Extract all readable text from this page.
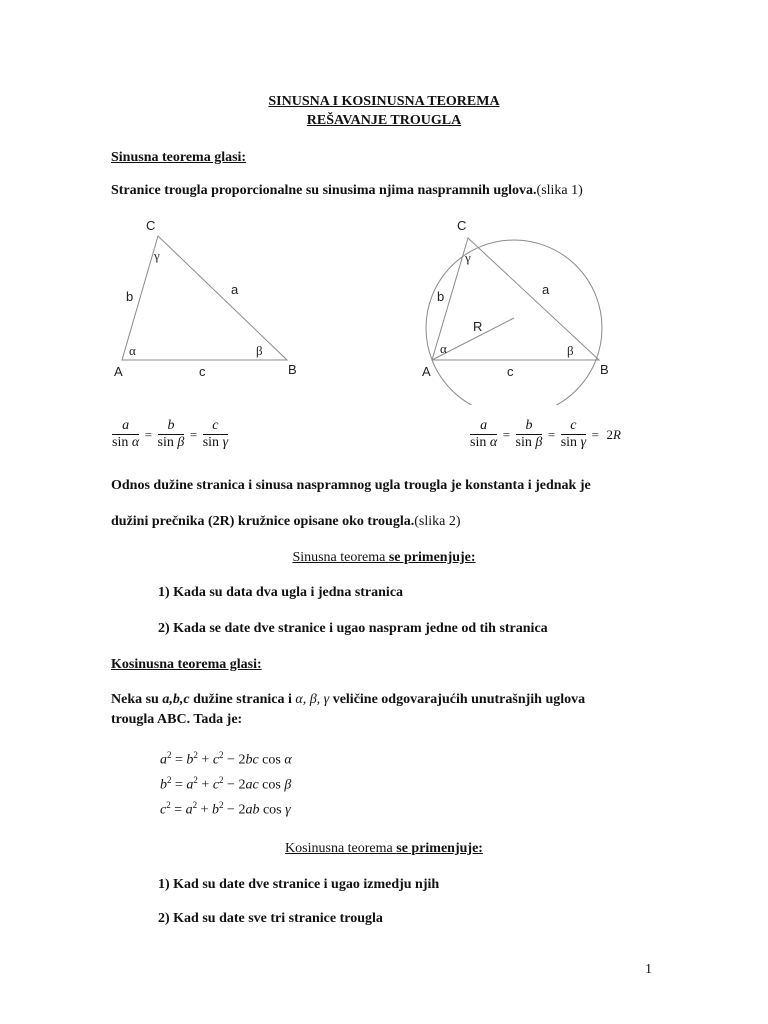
SINUSNA I KOSINUSNA TEOREMA
REŠAVANJE TROUGLA
Sinusna teorema glasi:
Stranice trougla proporcionalne su sinusima njima naspramnih uglova.(slika 1)
C
A	B
b	a
c
α	β
γ
C
A	B
b	a
c
R
α	β
γ
$\frac{a}{\text{sin α}} = \frac{b}{\text{sin β}} = \frac{c}{\text{sin γ}}$	$\frac{a}{\text{sin α}} = \frac{b}{\text{sin β}} = \frac{c}{\text{sin γ}} = 2R$
Odnos dužine stranica i sinusa naspramnog ugla trougla je konstanta i jednak je
dužini prečnika (2R) kružnice opisane oko trougla.(slika 2)
Sinusna teorema se primenjuje:
1) Kada su data dva ugla i jedna stranica
2) Kada se date dve stranice i ugao naspram jedne od tih stranica
Kosinusna teorema glasi:
Neka su a,b,c dužine stranica i α, β, γ veličine odgovarajućih unutrašnjih uglova
trougla ABC. Tada je:
$a^2 = b^2 + c^2 - 2bc$ cos α
$b^2 = a^2 + c^2 - 2ac$ cos β
$c^2 = a^2 + b^2 - 2ab$ cos γ
Kosinusna teorema se primenjuje:
1) Kad su date dve stranice i ugao izmedju njih
2) Kad su date sve tri stranice trougla
1
